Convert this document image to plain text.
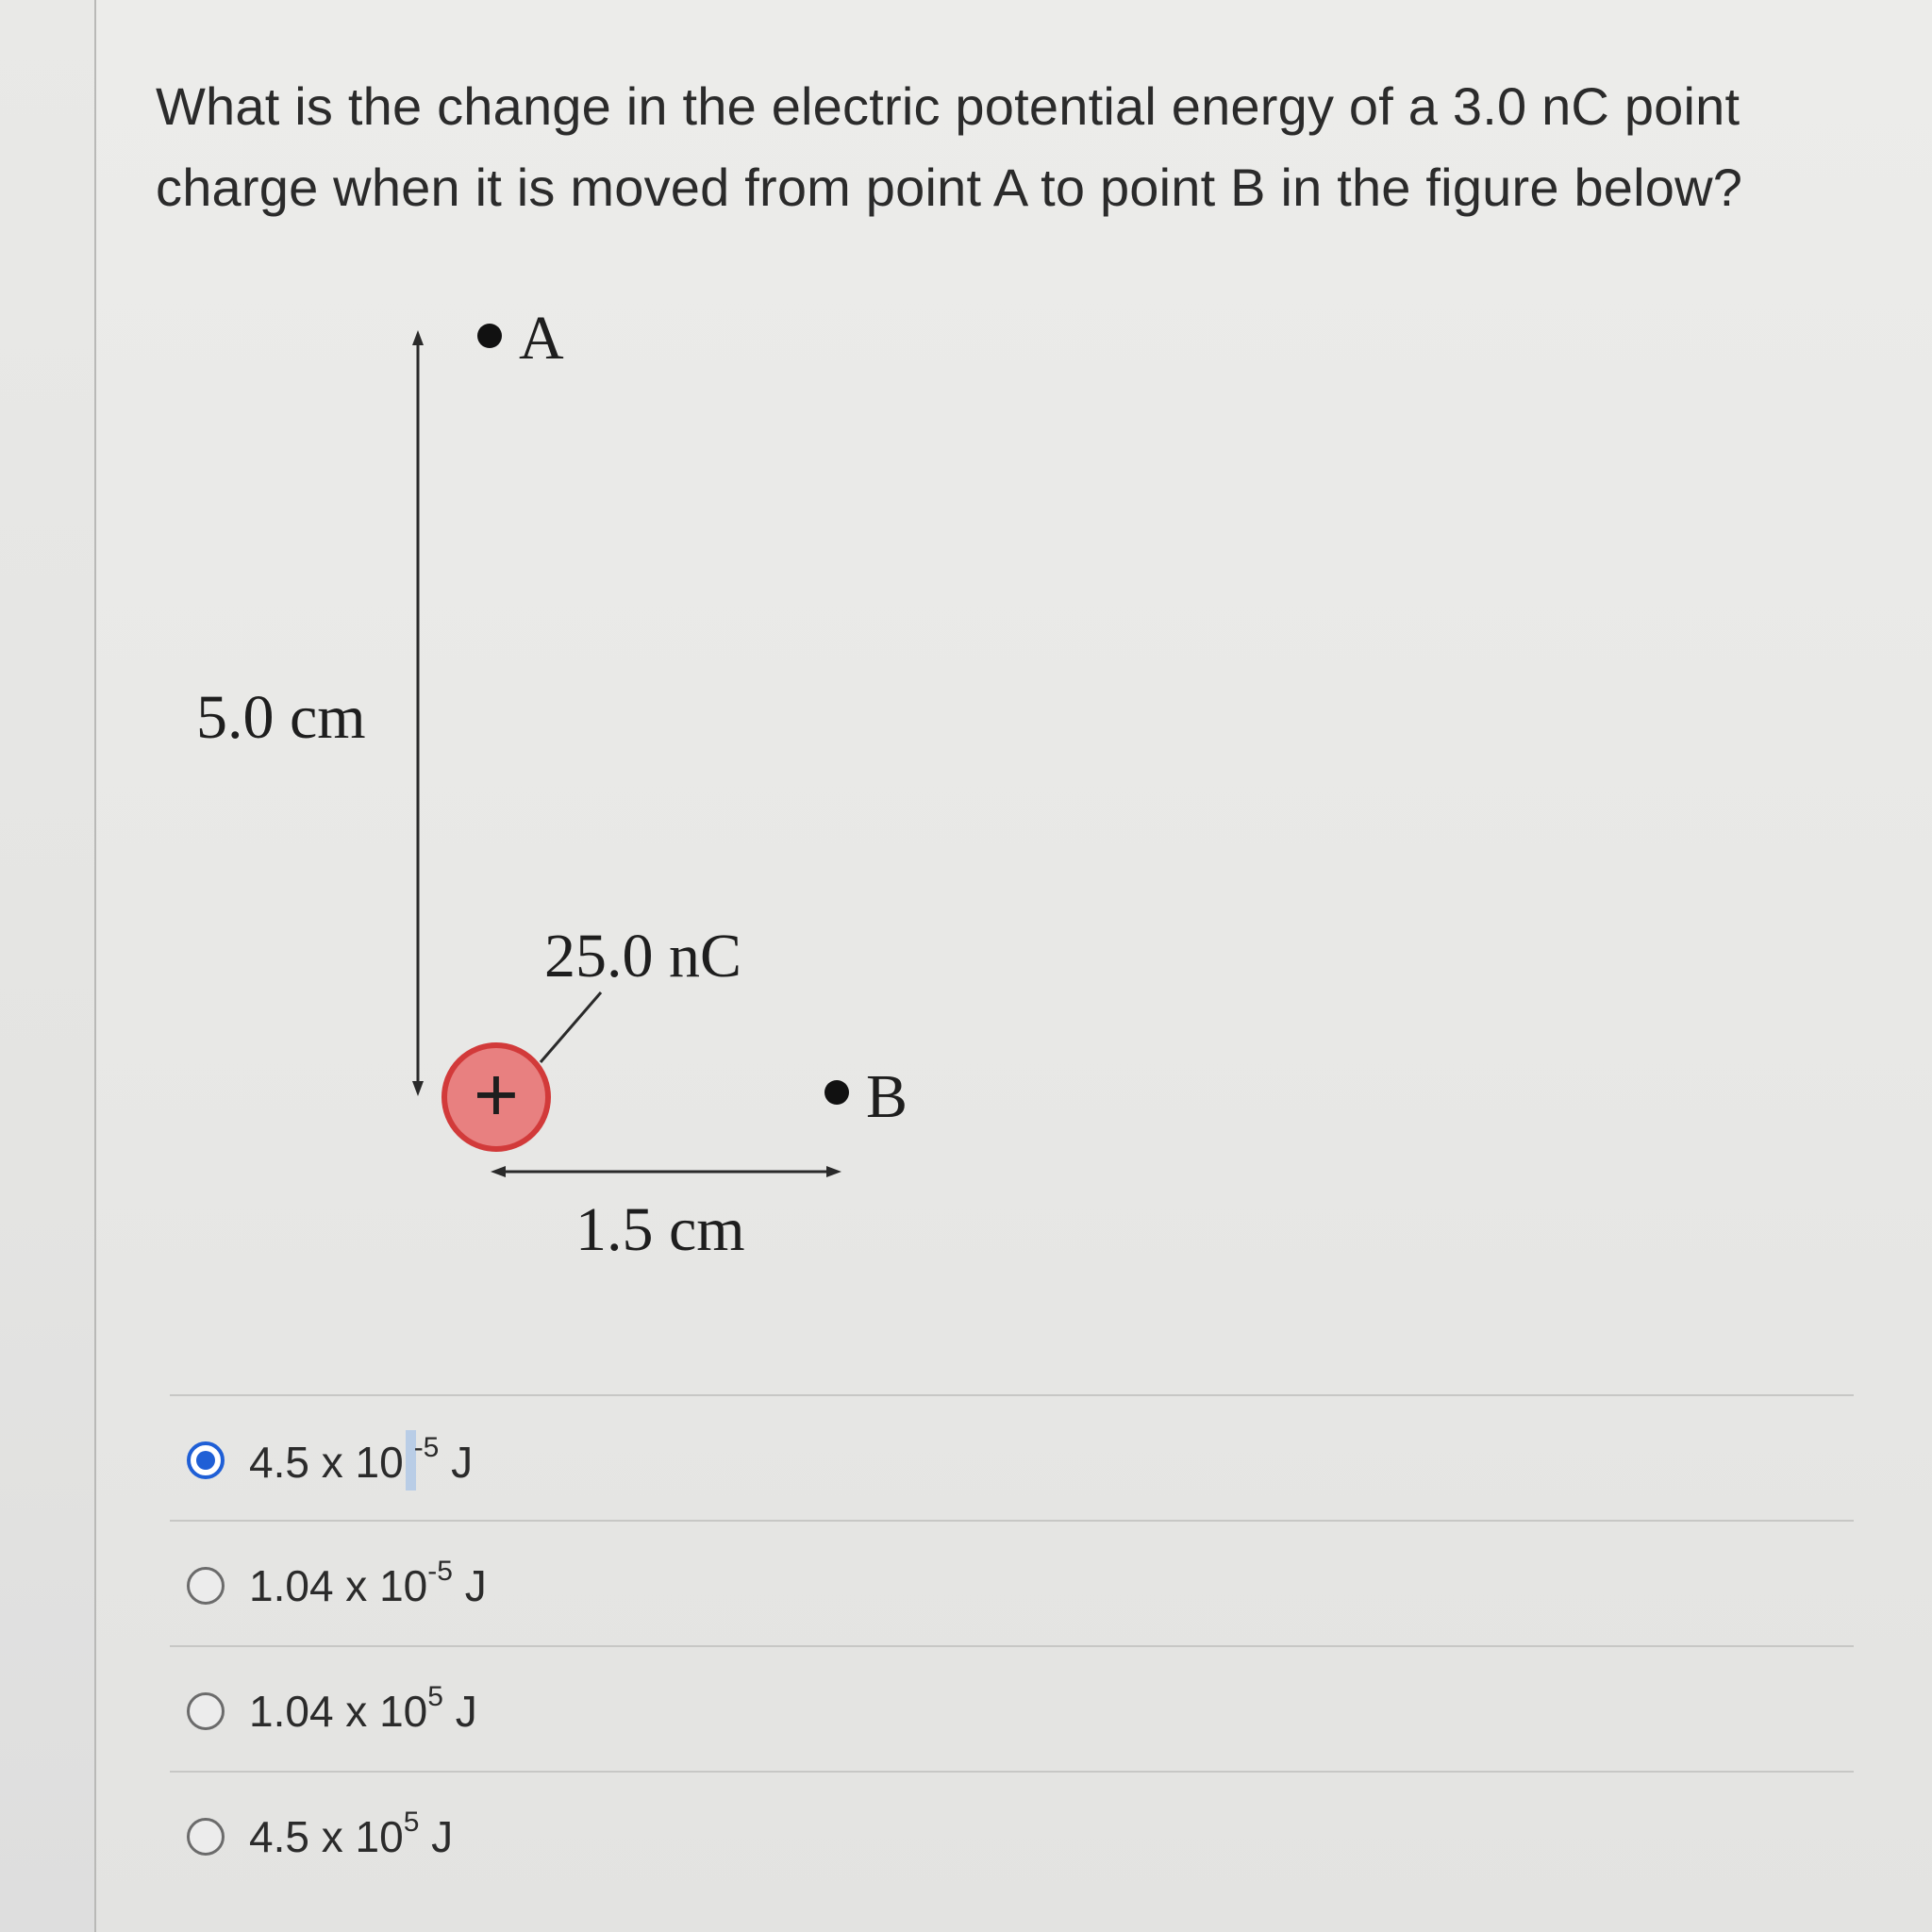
What is the change in the electric potential energy of a 3.0 nC point
charge when it is moved from point A to point B in the figure below?
5.0 cm
A
25.0 nC
+	B
1.5 cm
4.5 x 10 $^{-5}$ J
1.04 x $10^{-5}$ J
1.04 x $10^5$ J
4.5 x $10^5$ J
